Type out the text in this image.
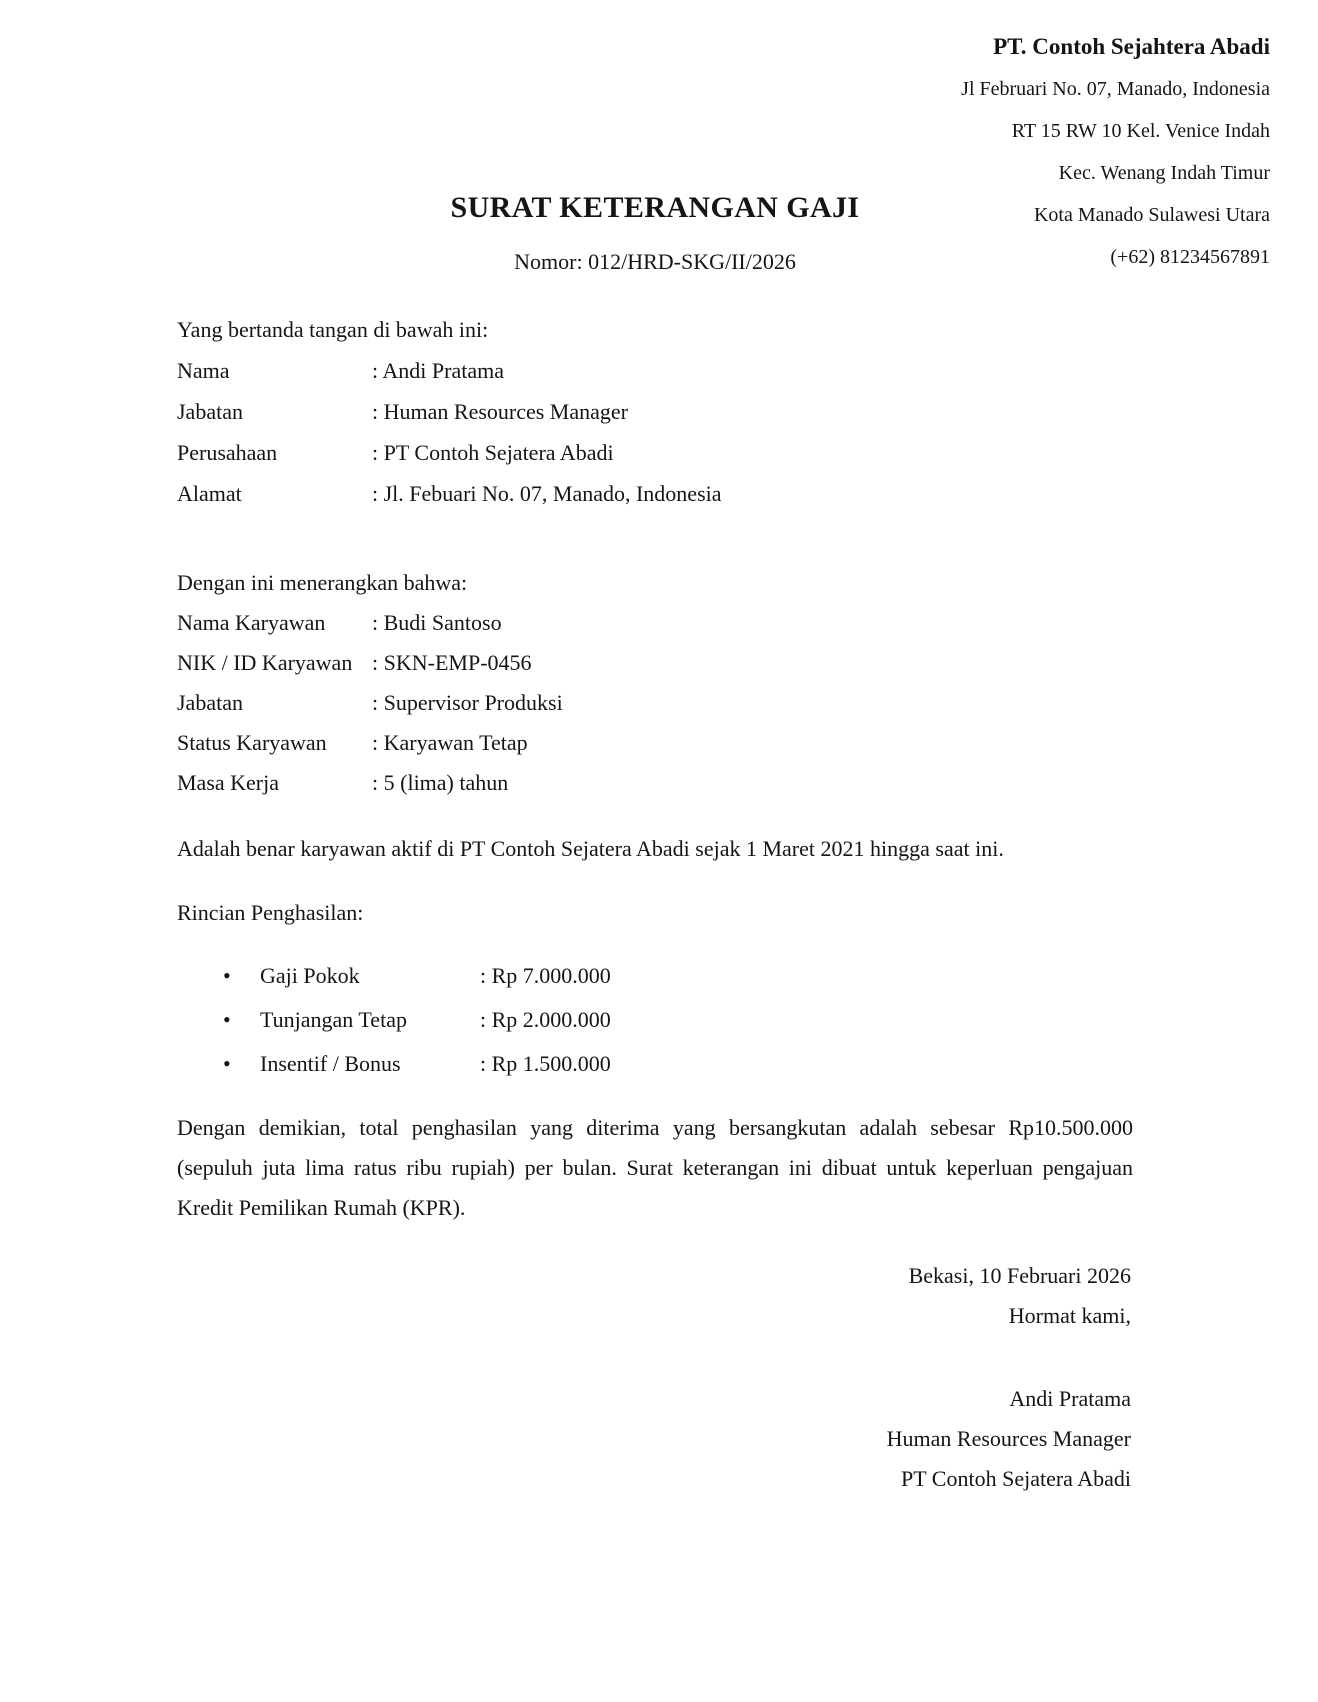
PT. Contoh Sejahtera Abadi
Jl Februari No. 07, Manado, Indonesia
RT 15 RW 10 Kel. Venice Indah
Kec. Wenang Indah Timur
Kota Manado Sulawesi Utara
(+62) 81234567891
SURAT KETERANGAN GAJI
Nomor: 012/HRD-SKG/II/2026
Yang bertanda tangan di bawah ini:
Nama	: Andi Pratama
Jabatan	: Human Resources Manager
Perusahaan	: PT Contoh Sejatera Abadi
Alamat	: Jl. Febuari No. 07, Manado, Indonesia
Dengan ini menerangkan bahwa:
Nama Karyawan	: Budi Santoso
NIK / ID Karyawan	: SKN-EMP-0456
Jabatan	: Supervisor Produksi
Status Karyawan	: Karyawan Tetap
Masa Kerja	: 5 (lima) tahun
Adalah benar karyawan aktif di PT Contoh Sejatera Abadi sejak 1 Maret 2021 hingga saat ini.
Rincian Penghasilan:
•
Gaji Pokok	: Rp 7.000.000
•
Tunjangan Tetap	: Rp 2.000.000
•
Insentif / Bonus	: Rp 1.500.000
Dengan demikian, total penghasilan yang diterima yang bersangkutan adalah sebesar Rp10.500.000 (sepuluh juta lima ratus ribu rupiah) per bulan. Surat keterangan ini dibuat untuk keperluan pengajuan Kredit Pemilikan Rumah (KPR).
Bekasi, 10 Februari 2026
Hormat kami,
Andi Pratama
Human Resources Manager
PT Contoh Sejatera Abadi
